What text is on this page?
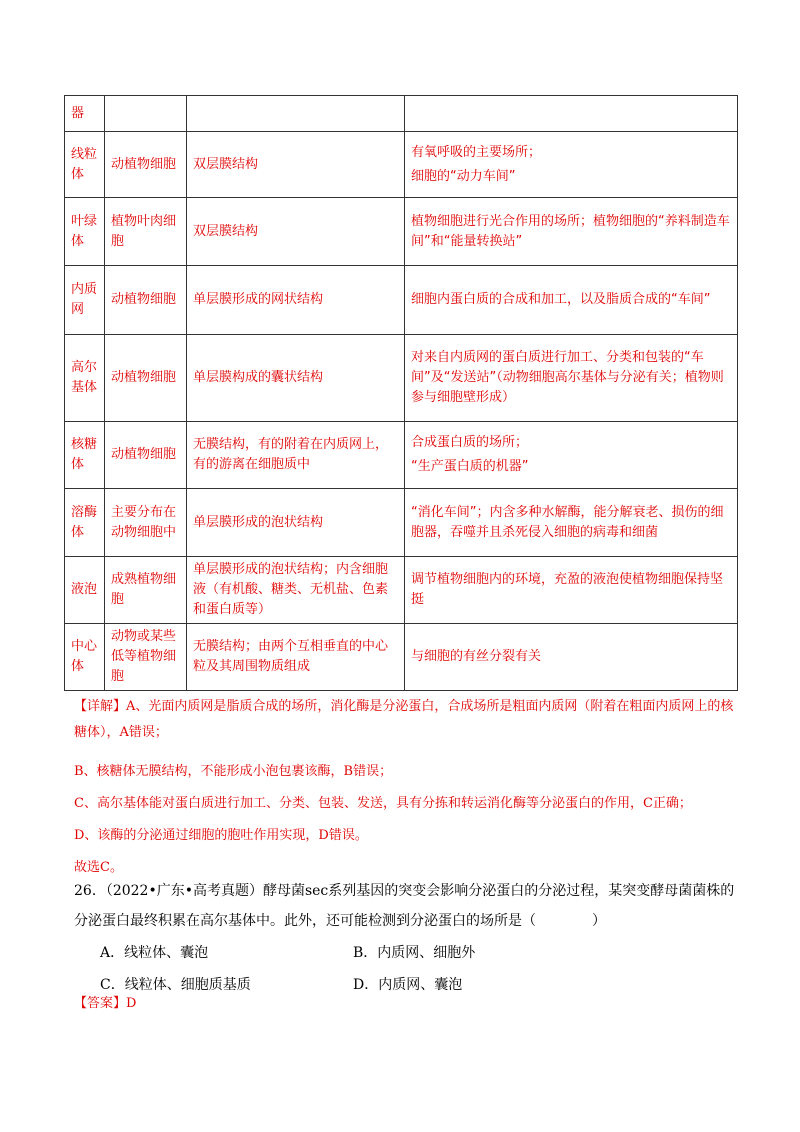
器			
线粒体	动植物细胞	双层膜结构	有氧呼吸的主要场所；
细胞的“动力车间”

叶绿体	植物叶肉细胞	双层膜结构	植物细胞进行光合作用的场所；植物细胞的“养料制造车间”和“能量转换站”

内质网	动植物细胞	单层膜形成的网状结构	细胞内蛋白质的合成和加工，以及脂质合成的“车间”

高尔基体	动植物细胞	单层膜构成的囊状结构	对来自内质网的蛋白质进行加工、分类和包装的“车间”及“发送站”（动物细胞高尔基体与分泌有关；植物则参与细胞壁形成）

核糖体	动植物细胞	无膜结构，有的附着在内质网上，有的游离在细胞质中	合成蛋白质的场所；
“生产蛋白质的机器”

溶酶体	主要分布在动物细胞中	单层膜形成的泡状结构	“消化车间”；内含多种水解酶，能分解衰老、损伤的细胞器，吞噬并且杀死侵入细胞的病毒和细菌

液泡	成熟植物细胞	单层膜形成的泡状结构；内含细胞液（有机酸、糖类、无机盐、色素和蛋白质等）	调节植物细胞内的环境，充盈的液泡使植物细胞保持坚挺

中心体	动物或某些低等植物细胞	无膜结构；由两个互相垂直的中心粒及其周围物质组成	与细胞的有丝分裂有关

【详解】A、光面内质网是脂质合成的场所，消化酶是分泌蛋白，合成场所是粗面内质网（附着在粗面内质网上的核糖体），A错误；

B、核糖体无膜结构，不能形成小泡包裹该酶，B错误；

C、高尔基体能对蛋白质进行加工、分类、包装、发送，具有分拣和转运消化酶等分泌蛋白的作用，C正确；

D、该酶的分泌通过细胞的胞吐作用实现，D错误。

故选C。

26．（2022•广东•高考真题）酵母菌sec系列基因的突变会影响分泌蛋白的分泌过程，某突变酵母菌菌株的分泌蛋白最终积累在高尔基体中。此外，还可能检测到分泌蛋白的场所是（　　　　）

A．线粒体、囊泡	B．内质网、细胞外
C．线粒体、细胞质基质	D．内质网、囊泡
【答案】D
